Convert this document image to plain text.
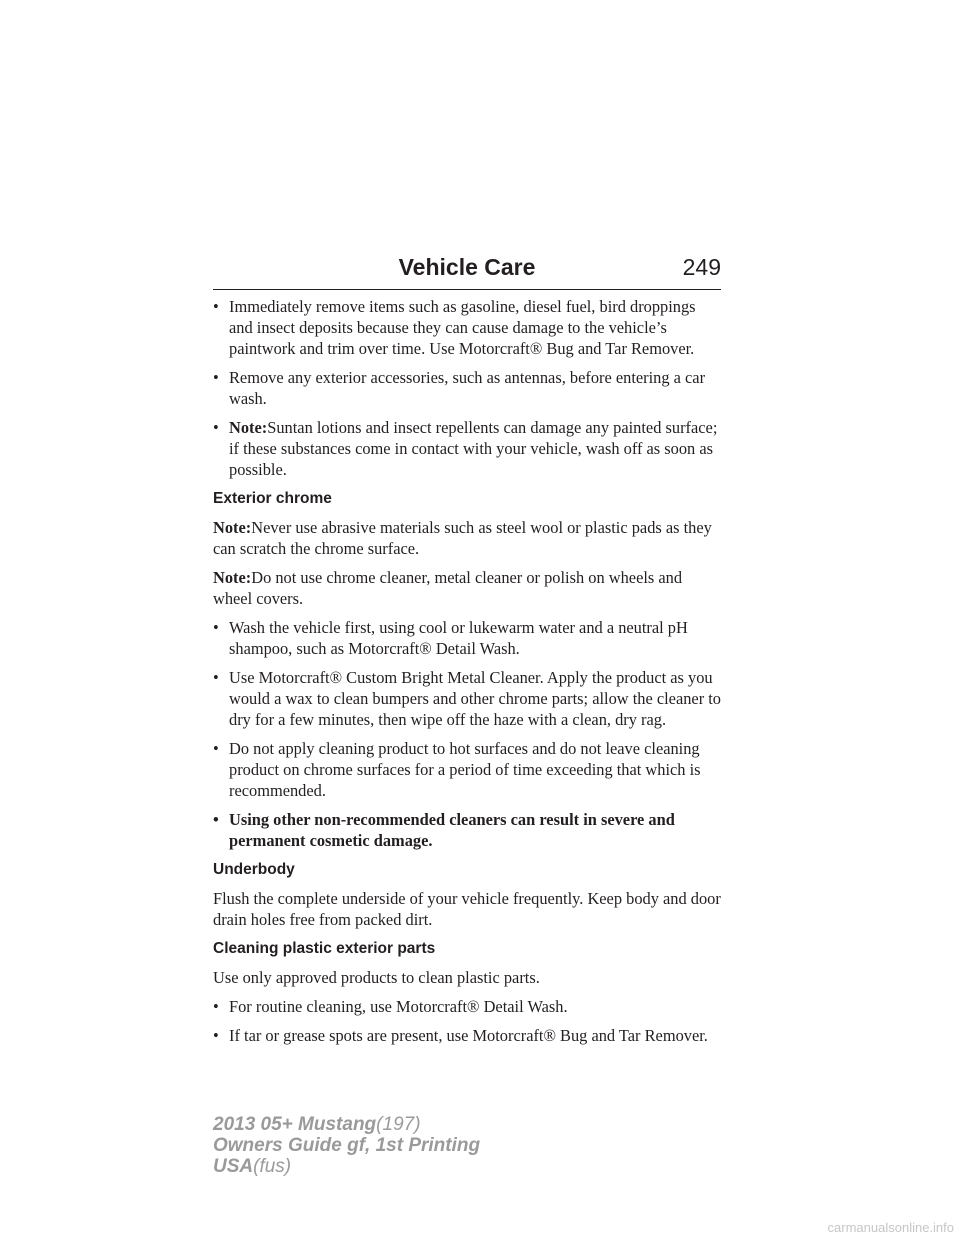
Vehicle Care	249
• Immediately remove items such as gasoline, diesel fuel, bird droppings and insect deposits because they can cause damage to the vehicle’s paintwork and trim over time. Use Motorcraft® Bug and Tar Remover.
• Remove any exterior accessories, such as antennas, before entering a car wash.
• Note:Suntan lotions and insect repellents can damage any painted surface; if these substances come in contact with your vehicle, wash off as soon as possible.
Exterior chrome
Note:Never use abrasive materials such as steel wool or plastic pads as they can scratch the chrome surface.
Note:Do not use chrome cleaner, metal cleaner or polish on wheels and wheel covers.
• Wash the vehicle first, using cool or lukewarm water and a neutral pH shampoo, such as Motorcraft® Detail Wash.
• Use Motorcraft® Custom Bright Metal Cleaner. Apply the product as you would a wax to clean bumpers and other chrome parts; allow the cleaner to dry for a few minutes, then wipe off the haze with a clean, dry rag.
• Do not apply cleaning product to hot surfaces and do not leave cleaning product on chrome surfaces for a period of time exceeding that which is recommended.
• Using other non-recommended cleaners can result in severe and permanent cosmetic damage.
Underbody
Flush the complete underside of your vehicle frequently. Keep body and door drain holes free from packed dirt.
Cleaning plastic exterior parts
Use only approved products to clean plastic parts.
• For routine cleaning, use Motorcraft® Detail Wash.
• If tar or grease spots are present, use Motorcraft® Bug and Tar Remover.
2013 05+ Mustang(197)
Owners Guide gf, 1st Printing
USA(fus)
carmanualsonline.info
